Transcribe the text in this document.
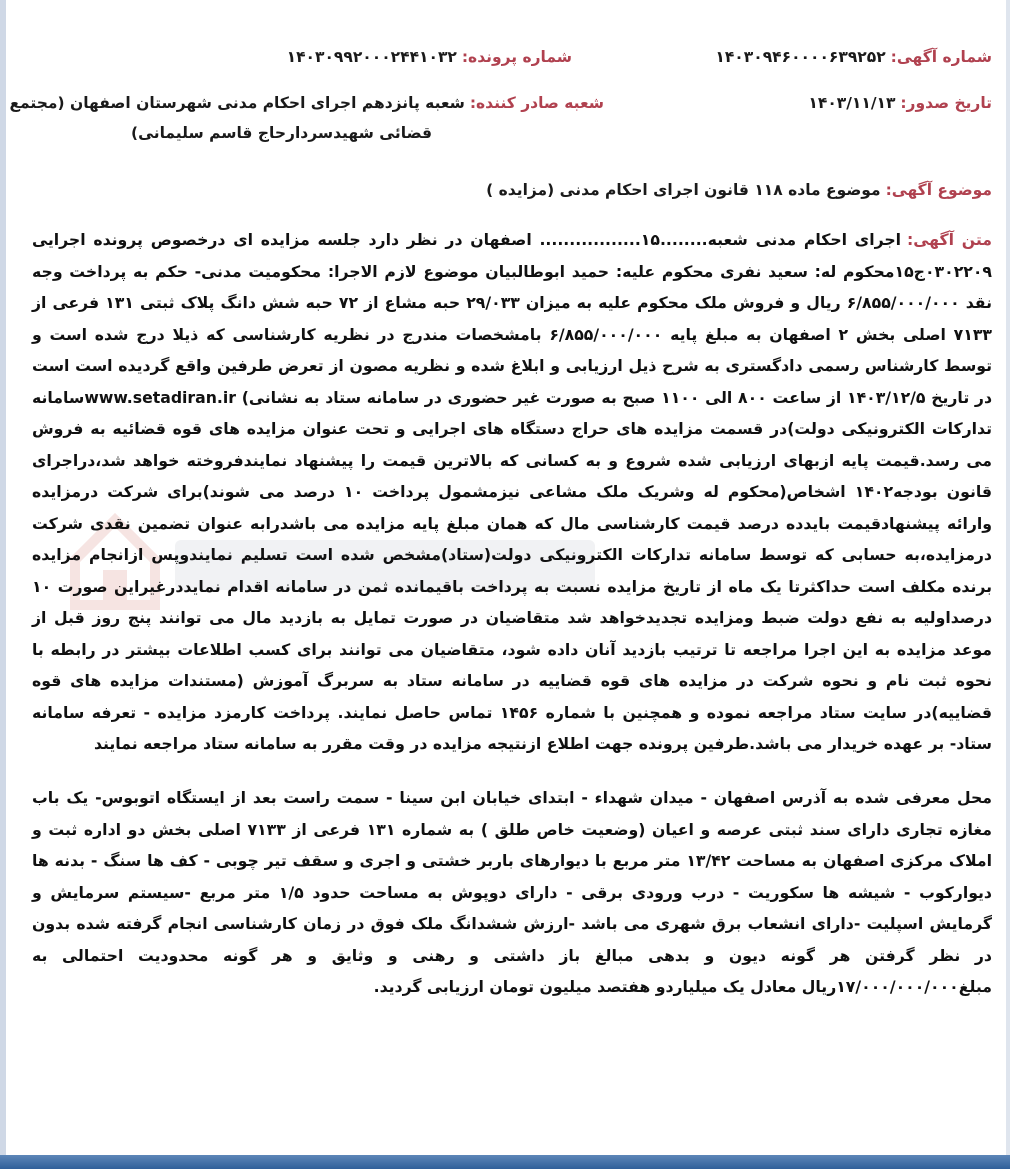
شماره آگهی: ۱۴۰۳۰۹۴۶۰۰۰۰۶۳۹۲۵۲
شماره پرونده: ۱۴۰۳۰۹۹۲۰۰۰۲۴۴۱۰۳۲
تاریخ صدور: ۱۴۰۳/۱۱/۱۳
شعبه صادر کننده: شعبه پانزدهم اجرای احکام مدنی شهرستان اصفهان (مجتمع
قضائی شهیدسردارحاج قاسم سلیمانی)
موضوع آگهی: موضوع ماده ۱۱۸ قانون اجرای احکام مدنی (مزایده )
متن آگهی:اجرای احکام مدنی شعبه........۱۵................. اصفهان در نظر دارد جلسه مزایده ای درخصوص پرونده اجرایی ۰۳۰۲۲۰۹ج۱۵محکوم له: سعید نفری محکوم علیه: حمید ابوطالبیان موضوع لازم الاجرا: محکومیت مدنی- حکم به پرداخت وجه نقد ۶/۸۵۵/۰۰۰/۰۰۰ ریال و فروش ملک محکوم علیه به میزان ۲۹/۰۳۳ حبه مشاع از ۷۲ حبه شش دانگ پلاک ثبتی ۱۳۱ فرعی از ۷۱۳۳ اصلی بخش ۲ اصفهان به مبلغ پایه ۶/۸۵۵/۰۰۰/۰۰۰ بامشخصات مندرج در نظریه کارشناسی که ذیلا درج شده است و توسط کارشناس رسمی دادگستری به شرح ذیل ارزیابی و ابلاغ شده و نظریه مصون از تعرض طرفین واقع گردیده است است در تاریخ ۱۴۰۳/۱۲/۵ از ساعت ۸۰۰ الی ۱۱۰۰ صبح به صورت غیر حضوری در سامانه ستاد به نشانی) www.setadiran.irسامانه تدارکات الکترونیکی دولت)در قسمت مزایده های حراج دستگاه های اجرایی و تحت عنوان مزایده های قوه قضائیه به فروش می رسد.قیمت پایه ازبهای ارزیابی شده شروع و به کسانی که بالاترین قیمت را پیشنهاد نمایندفروخته خواهد شد،دراجرای قانون بودجه۱۴۰۲ اشخاص(محکوم له وشریک ملک مشاعی نیزمشمول پرداخت ۱۰ درصد می شوند)برای شرکت درمزایده وارائه پیشنهادقیمت بایدده درصد قیمت کارشناسی مال که همان مبلغ پایه مزایده می باشدرابه عنوان تضمین نقدی شرکت درمزایده،به حسابی که توسط سامانه تدارکات الکترونیکی دولت(ستاد)مشخص شده است تسلیم نمایندوپس ازانجام مزایده برنده مکلف است حداکثرتا یک ماه از تاریخ مزایده نسبت به پرداخت باقیمانده ثمن در سامانه اقدام نمایددرغیراین صورت ۱۰ درصداولیه به نفع دولت ضبط ومزایده تجدیدخواهد شد متقاضیان در صورت تمایل به بازدید مال می توانند پنج روز قبل از موعد مزایده به این اجرا مراجعه تا ترتیب بازدید آنان داده شود، متقاضیان می توانند برای کسب اطلاعات بیشتر در رابطه با نحوه ثبت نام و نحوه شرکت در مزایده های قوه قضاییه در سامانه ستاد به سربرگ آموزش (مستندات مزایده های قوه قضاییه)در سایت ستاد مراجعه نموده و همچنین با شماره ۱۴۵۶ تماس حاصل نمایند. پرداخت کارمزد مزایده - تعرفه سامانه ستاد- بر عهده خریدار می باشد.طرفین پرونده جهت اطلاع ازنتیجه مزایده در وقت مقرر به سامانه ستاد مراجعه نمایند
محل معرفی شده به آذرس اصفهان - میدان شهداء - ابتدای خیابان ابن سینا - سمت راست بعد از ایستگاه اتوبوس- یک باب مغازه تجاری دارای سند ثبتی عرصه و اعیان (وضعیت خاص طلق ) به شماره ۱۳۱ فرعی از ۷۱۳۳ اصلی بخش دو اداره ثبت و املاک مرکزی اصفهان به مساحت ۱۳/۴۲ متر مربع با دیوارهای باربر خشتی و اجری و سقف تیر چوبی - کف ها سنگ - بدنه ها دیوارکوب - شیشه ها سکوریت - درب ورودی برقی - دارای دوپوش به مساحت حدود ۱/۵ متر مربع -سیستم سرمایش و گرمایش اسپلیت -دارای انشعاب برق شهری می باشد -ارزش ششدانگ ملک فوق در زمان کارشناسی انجام گرفته شده بدون در نظر گرفتن هر گونه دیون و بدهی مبالغ باز داشتی و رهنی و وثایق و هر گونه محدودیت احتمالی به مبلغ۱۷/۰۰۰/۰۰۰/۰۰۰ریال معادل یک میلیاردو هفتصد میلیون تومان ارزیابی گردید.
